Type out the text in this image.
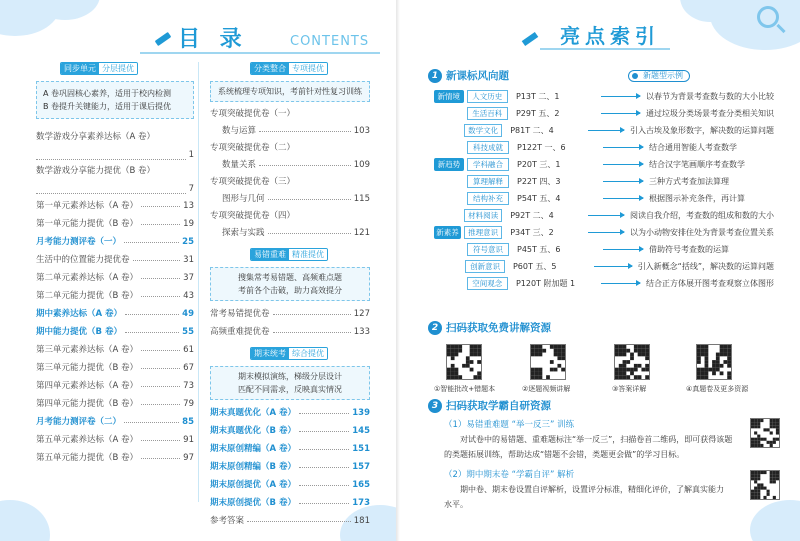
目 录	CONTENTS
同步单元 分层提优
A 卷巩固核心素养，适用于校内检测
B 卷提升关键能力，适用于课后提优
数学游戏分享素养达标（A 卷）
1
数学游戏分享能力提优（B 卷）
7
第一单元素养达标（A 卷）	13
第一单元能力提优（B 卷）	19
月考能力测评卷（一）	25
生活中的位置能力提优卷	31
第二单元素养达标（A 卷）	37
第二单元能力提优（B 卷）	43
期中素养达标（A 卷）	49
期中能力提优（B 卷）	55
第三单元素养达标（A 卷）	61
第三单元能力提优（B 卷）	67
第四单元素养达标（A 卷）	73
第四单元能力提优（B 卷）	79
月考能力测评卷（二）	85
第五单元素养达标（A 卷）	91
第五单元能力提优（B 卷）	97
分类整合 专项提优
系统梳理专项知识，考前针对性复习训练
专项突破提优卷（一）
数与运算	103
专项突破提优卷（二）
数量关系	109
专项突破提优卷（三）
图形与几何	115
专项突破提优卷（四）
探索与实践	121
易错重难 精准提优
搜集常考易错题、高频难点题
考前各个击破，助力高效提分
常考易错提优卷	127
高频重难提优卷	133
期末统考 综合提优
期末模拟演练，梯级分层设计
匹配不同需求，反映真实情况
期末真题优化（A 卷）	139
期末真题优化（B 卷）	145
期末原创精编（A 卷）	151
期末原创精编（B 卷）	157
期末原创提优（A 卷）	165
期末原创提优（B 卷）	173
参考答案	181
亮点索引
1 新课标风向题	新题型示例
新情境	人文历史	P13T 二、1	以春节为背景考查数与数的大小比较
生活百科	P29T 五、2	通过垃圾分类场景考查分类相关知识
数学文化	P81T 二、4	引入古埃及象形数字，解决数的运算问题
科技成就	P122T 一、6	结合通用智能人考查数学
新趋势	学科融合	P20T 三、1	结合汉字笔画顺序考查数学
算理解释	P22T 四、3	三种方式考查加法算理
结构补充	P54T 五、4	根据图示补充条件，再计算
材料阅读	P92T 二、4	阅读自我介绍，考查数的组成和数的大小
新素养	推理意识	P34T 三、2	以为小动物安排住处为背景考查位置关系
符号意识	P45T 五、6	借助符号考查数的运算
创新意识	P60T 五、5	引入新概念“括线”，解决数的运算问题
空间观念	P120T 附加题 1	结合正方体展开图考查观察立体图形
2 扫码获取免费讲解资源
①智能批改+错题本	②逐题视频讲解	③答案详解	④真题卷及更多资源
3 扫码获取学霸自研资源
（1）易错重难题 “举一反三” 训练
对试卷中的易错题、重难题标注“举一反三”，扫描卷首二维码，即可获得该题
的类题拓展训练，帮助达成“错题不会错，类题更会做”的学习目标。
（2）期中期末卷 “学霸自评” 解析
期中卷、期末卷设置自评解析，设置评分标准，精细化评价，了解真实能力
水平。
